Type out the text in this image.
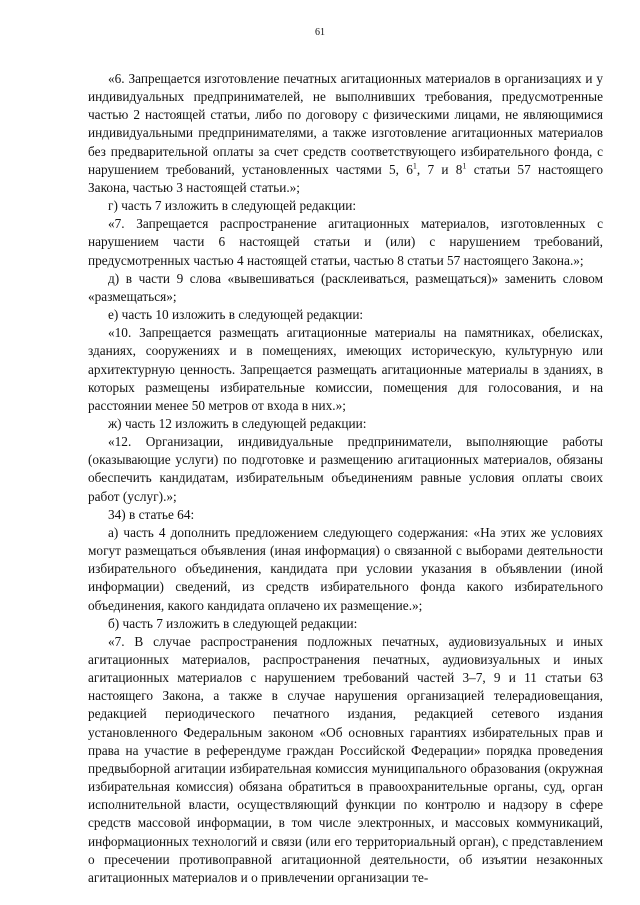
61

«6. Запрещается изготовление печатных агитационных материалов в организациях и у индивидуальных предпринимателей, не выполнивших требования, предусмотренные частью 2 настоящей статьи, либо по договору с физическими лицами, не являющимися индивидуальными предпринимателями, а также изготовление агитационных материалов без предварительной оплаты за счет средств соответствующего избирательного фонда, с нарушением требований, установленных частями 5, $6^1$, 7 и $8^1$ статьи 57 настоящего Закона, частью 3 настоящей статьи.»;

г) часть 7 изложить в следующей редакции:

«7. Запрещается распространение агитационных материалов, изготовленных с нарушением части 6 настоящей статьи и (или) с нарушением требований, предусмотренных частью 4 настоящей статьи, частью 8 статьи 57 настоящего Закона.»;

д) в части 9 слова «вывешиваться (расклеиваться, размещаться)» заменить словом «размещаться»;

е) часть 10 изложить в следующей редакции:

«10. Запрещается размещать агитационные материалы на памятниках, обелисках, зданиях, сооружениях и в помещениях, имеющих историческую, культурную или архитектурную ценность. Запрещается размещать агитационные материалы в зданиях, в которых размещены избирательные комиссии, помещения для голосования, и на расстоянии менее 50 метров от входа в них.»;

ж) часть 12 изложить в следующей редакции:

«12. Организации, индивидуальные предприниматели, выполняющие работы (оказывающие услуги) по подготовке и размещению агитационных материалов, обязаны обеспечить кандидатам, избирательным объединениям равные условия оплаты своих работ (услуг).»;

34) в статье 64:

а) часть 4 дополнить предложением следующего содержания: «На этих же условиях могут размещаться объявления (иная информация) о связанной с выборами деятельности избирательного объединения, кандидата при условии указания в объявлении (иной информации) сведений, из средств избирательного фонда какого избирательного объединения, какого кандидата оплачено их размещение.»;

б) часть 7 изложить в следующей редакции:

«7. В случае распространения подложных печатных, аудиовизуальных и иных агитационных материалов, распространения печатных, аудиовизуальных и иных агитационных материалов с нарушением требований частей 3–7, 9 и 11 статьи 63 настоящего Закона, а также в случае нарушения организацией телерадиовещания, редакцией периодического печатного издания, редакцией сетевого издания установленного Федеральным законом «Об основных гарантиях избирательных прав и права на участие в референдуме граждан Российской Федерации» порядка проведения предвыборной агитации избирательная комиссия муниципального образования (окружная избирательная комиссия) обязана обратиться в правоохранительные органы, суд, орган исполнительной власти, осуществляющий функции по контролю и надзору в сфере средств массовой информации, в том числе электронных, и массовых коммуникаций, информационных технологий и связи (или его территориальный орган), с представлением о пресечении противоправной агитационной деятельности, об изъятии незаконных агитационных материалов и о привлечении организации те-
